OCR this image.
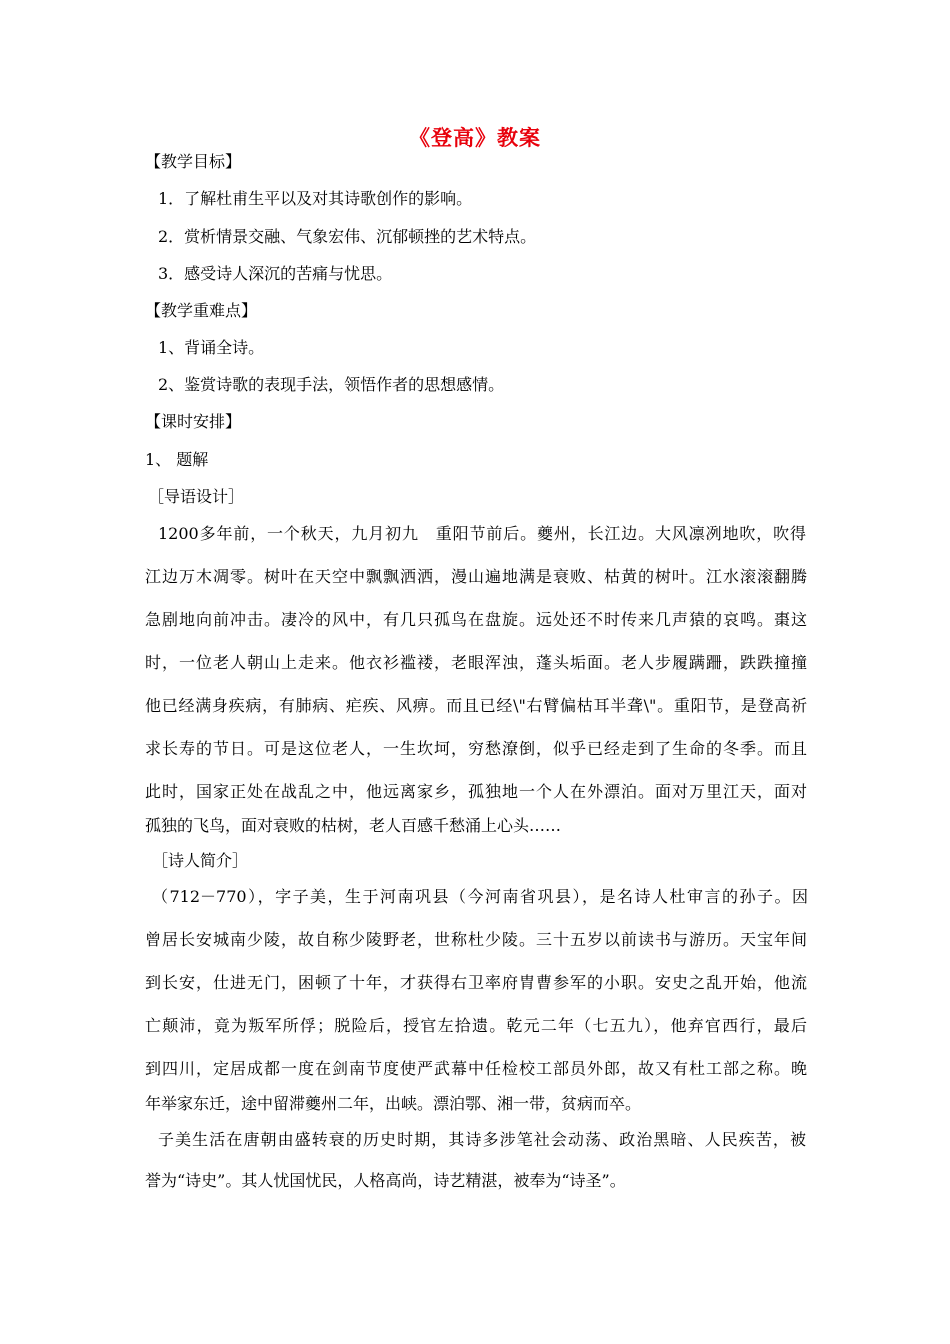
《登高》教案
【教学目标】
1．了解杜甫生平以及对其诗歌创作的影响。
2．赏析情景交融、气象宏伟、沉郁顿挫的艺术特点。
3．感受诗人深沉的苦痛与忧思。
【教学重难点】
1、背诵全诗。
2、鉴赏诗歌的表现手法，领悟作者的思想感情。
【课时安排】
1、 题解
［导语设计］
1200多年前，一个秋天，九月初九　重阳节前后。夔州，长江边。大风凛冽地吹，吹得
江边万木凋零。树叶在天空中飘飘洒洒，漫山遍地满是衰败、枯黄的树叶。江水滚滚翻腾
急剧地向前冲击。凄冷的风中，有几只孤鸟在盘旋。远处还不时传来几声猿的哀鸣。棗这
时，一位老人朝山上走来。他衣衫褴褛，老眼浑浊，蓬头垢面。老人步履蹒跚，跌跌撞撞
他已经满身疾病，有肺病、疟疾、风痹。而且已经\"右臂偏枯耳半聋\"。重阳节，是登高祈
求长寿的节日。可是这位老人，一生坎坷，穷愁潦倒，似乎已经走到了生命的冬季。而且
此时，国家正处在战乱之中，他远离家乡，孤独地一个人在外漂泊。面对万里江天，面对
孤独的飞鸟，面对衰败的枯树，老人百感千愁涌上心头……
［诗人简介］
（712－770），字子美，生于河南巩县（今河南省巩县），是名诗人杜审言的孙子。因
曾居长安城南少陵，故自称少陵野老，世称杜少陵。三十五岁以前读书与游历。天宝年间
到长安，仕进无门，困顿了十年，才获得右卫率府胄曹参军的小职。安史之乱开始，他流
亡颠沛，竟为叛军所俘；脱险后，授官左拾遗。乾元二年（七五九），他弃官西行，最后
到四川，定居成都一度在剑南节度使严武幕中任检校工部员外郎，故又有杜工部之称。晚
年举家东迁，途中留滞夔州二年，出峡。漂泊鄂、湘一带，贫病而卒。
子美生活在唐朝由盛转衰的历史时期，其诗多涉笔社会动荡、政治黑暗、人民疾苦，被
誉为“诗史”。其人忧国忧民，人格高尚，诗艺精湛，被奉为“诗圣”。
